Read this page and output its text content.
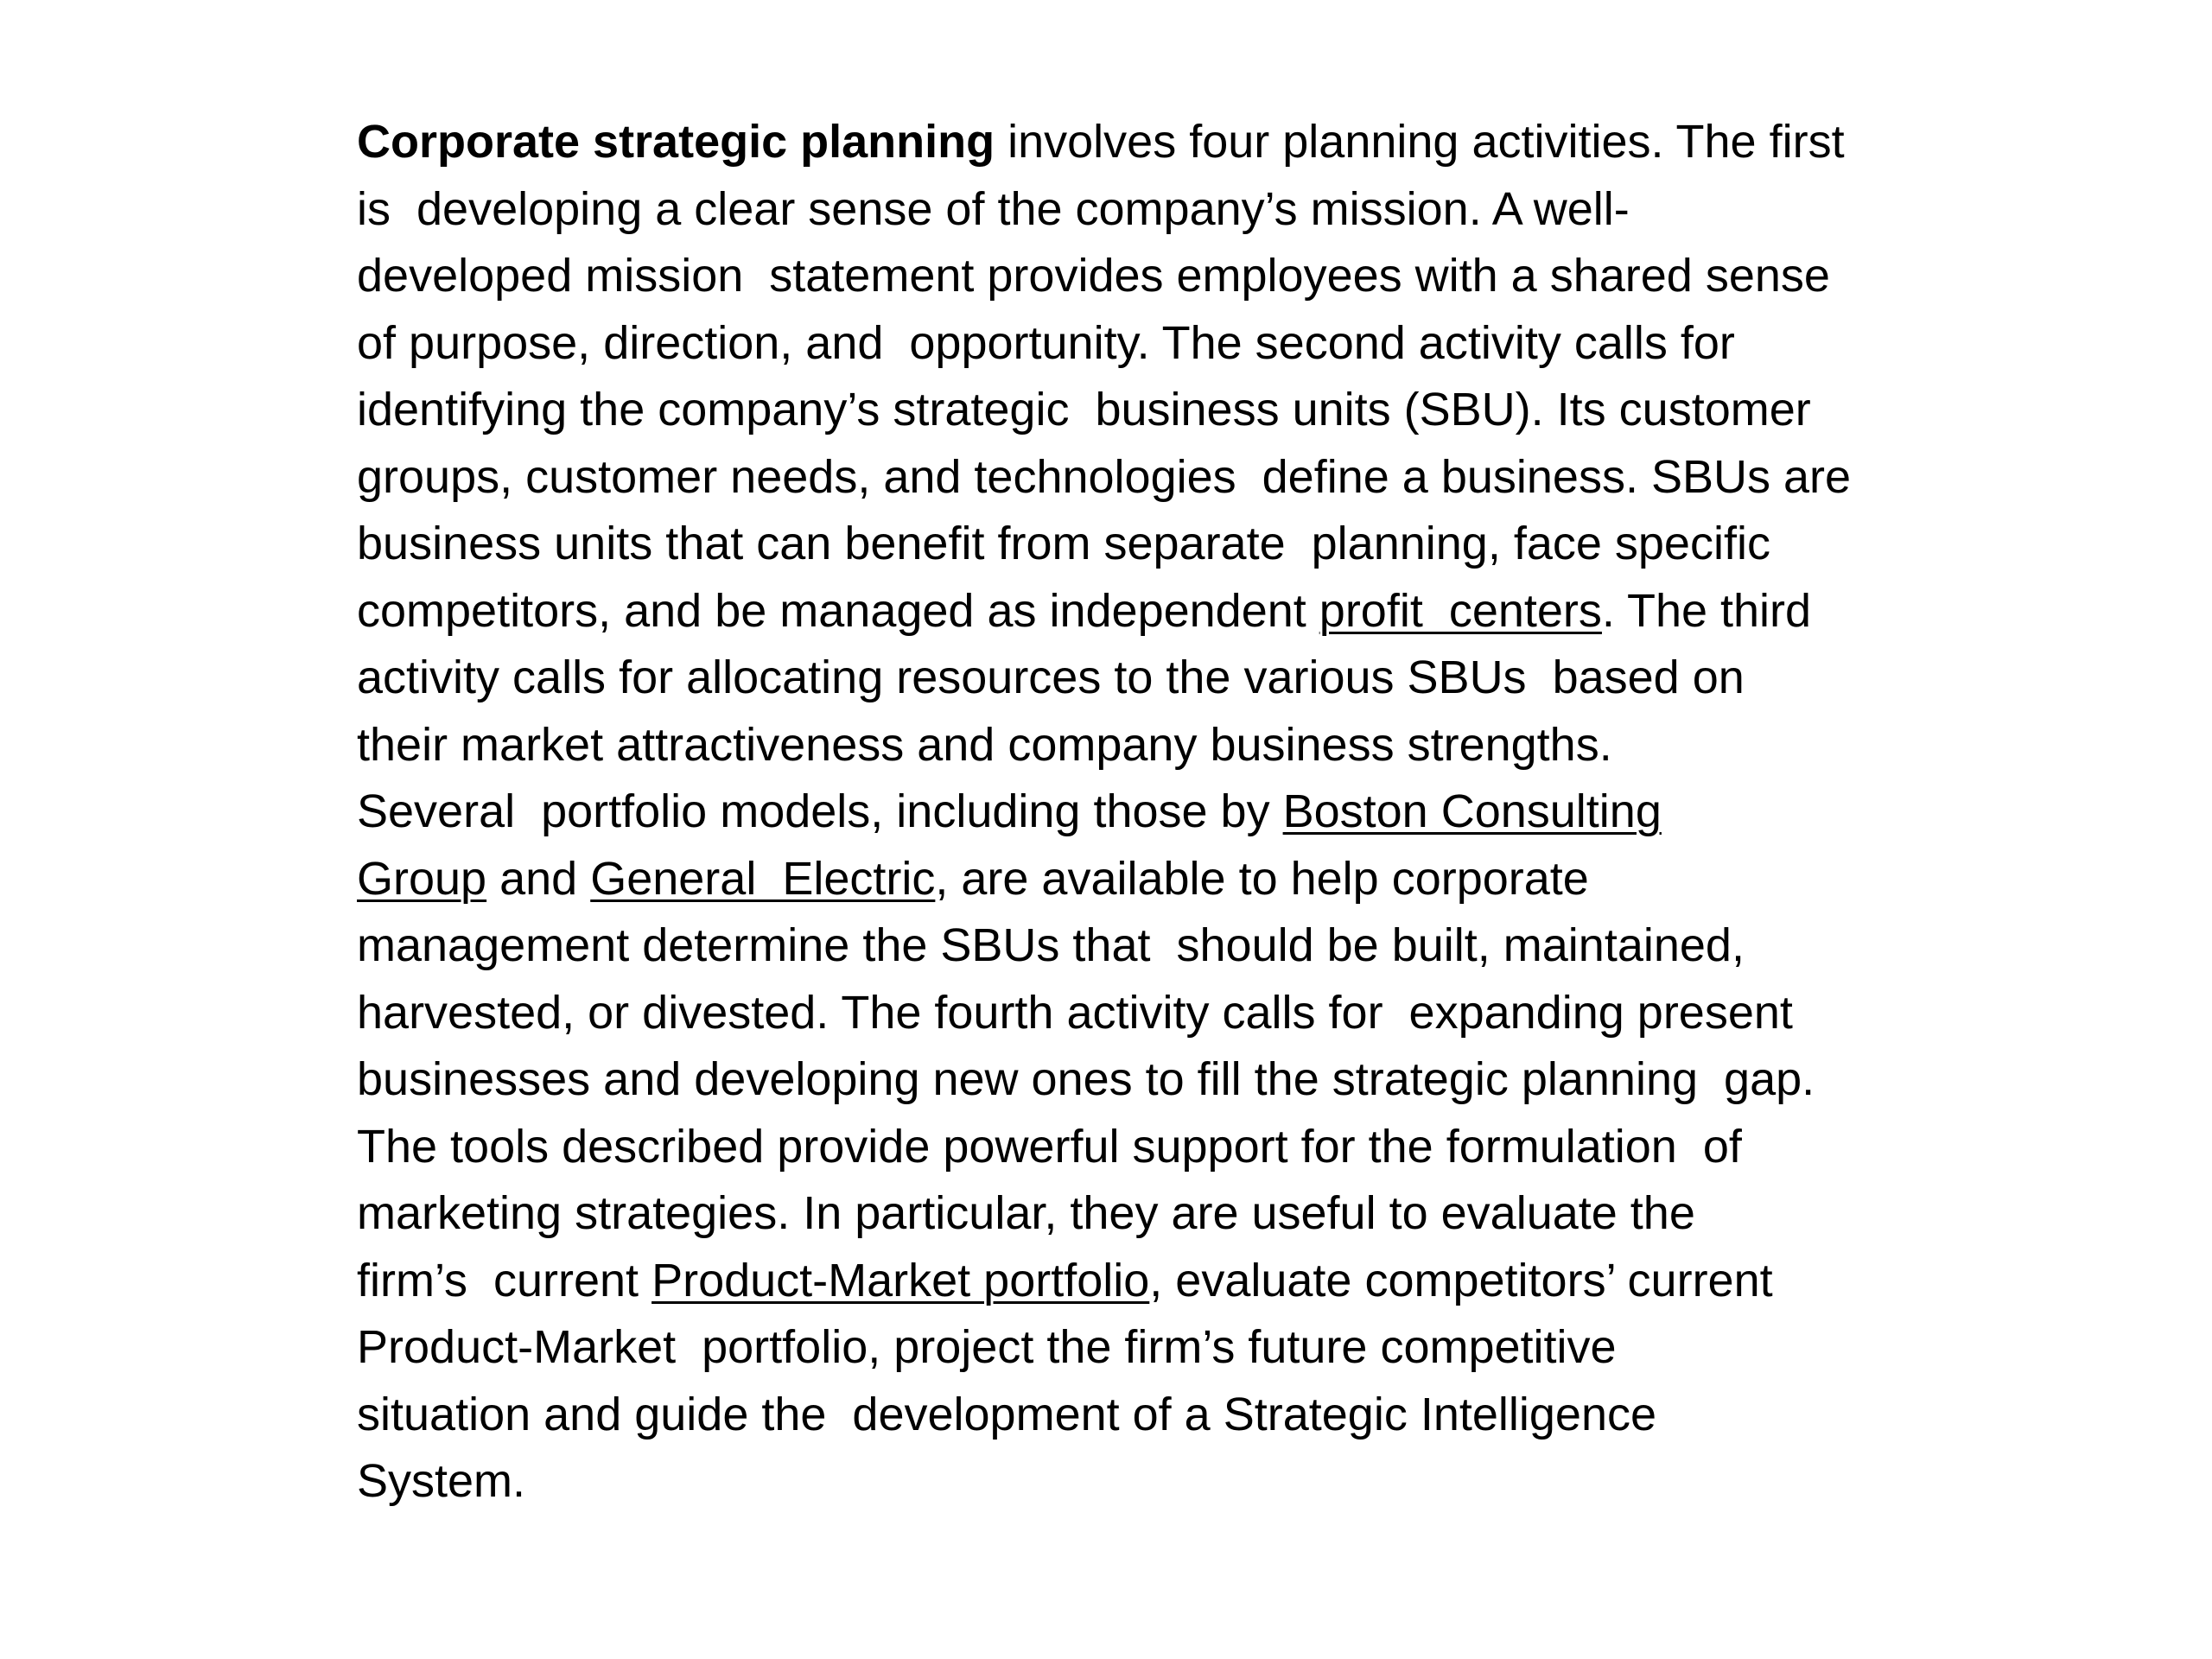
Corporate strategic planning involves four planning activities. The first
is  developing a clear sense of the company’s mission. A well-
developed mission  statement provides employees with a shared sense
of purpose, direction, and  opportunity. The second activity calls for
identifying the company’s strategic  business units (SBU). Its customer
groups, customer needs, and technologies  define a business. SBUs are
business units that can benefit from separate  planning, face specific
competitors, and be managed as independent profit  centers. The third
activity calls for allocating resources to the various SBUs  based on
their market attractiveness and company business strengths.
Several  portfolio models, including those by Boston Consulting
Group and General  Electric, are available to help corporate
management determine the SBUs that  should be built, maintained,
harvested, or divested. The fourth activity calls for  expanding present
businesses and developing new ones to fill the strategic planning  gap.
The tools described provide powerful support for the formulation  of
marketing strategies. In particular, they are useful to evaluate the
firm’s  current Product-Market portfolio, evaluate competitors’ current
Product-Market  portfolio, project the firm’s future competitive
situation and guide the  development of a Strategic Intelligence
System.
